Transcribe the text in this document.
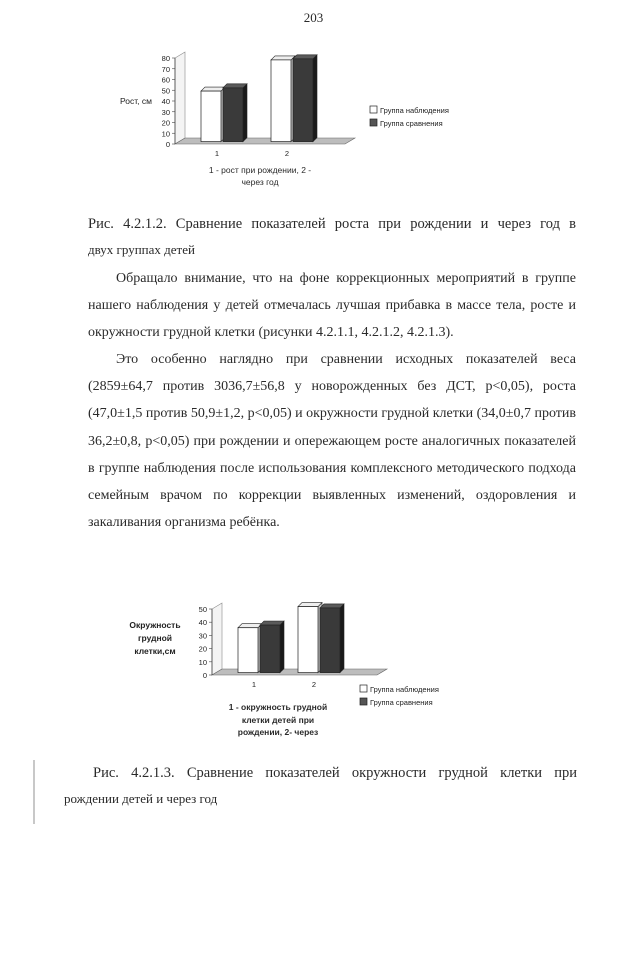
203
0
10
20
30
40
50
60
70
80
1	2
Группа наблюдения
Группа сравнения
Рост, см
1 - рост при рождении, 2 -
через год
Рис. 4.2.1.2. Сравнение показателей роста при рождении и через год в
двух группах детей

Обращало внимание, что на фоне коррекционных мероприятий в группе нашего наблюдения у детей отмечалась лучшая прибавка в массе тела, росте и окружности грудной клетки (рисунки 4.2.1.1, 4.2.1.2, 4.2.1.3).

Это особенно наглядно при сравнении исходных показателей веса (2859±64,7 против 3036,7±56,8 у новорожденных без ДСТ, р<0,05), роста (47,0±1,5 против 50,9±1,2, р<0,05) и окружности грудной клетки (34,0±0,7 против 36,2±0,8, р<0,05) при рождении и опережающем росте аналогичных показателей в группе наблюдения после использования комплексного методического подхода семейным врачом по коррекции выявленных изменений, оздоровления и закаливания организма ребёнка.

0
10
20
30
40
50
1	2
Группа наблюдения
Группа сравнения
Окружность
грудной
клетки,см
1 - окружность грудной
клетки детей при
рождении, 2- через
Рис. 4.2.1.3. Сравнение показателей окружности грудной клетки при
рождении детей и через год
